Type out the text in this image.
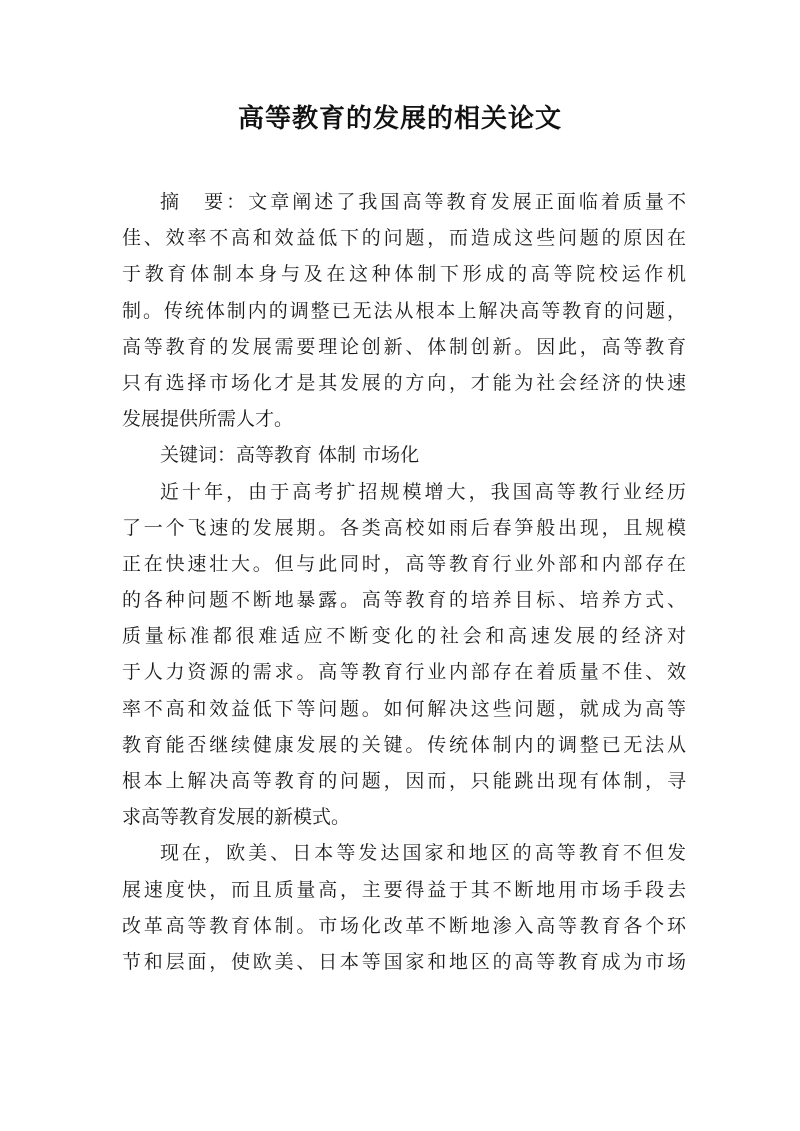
高等教育的发展的相关论文
摘　要：文章阐述了我国高等教育发展正面临着质量不
佳、效率不高和效益低下的问题，而造成这些问题的原因在
于教育体制本身与及在这种体制下形成的高等院校运作机
制。传统体制内的调整已无法从根本上解决高等教育的问题，
高等教育的发展需要理论创新、体制创新。因此，高等教育
只有选择市场化才是其发展的方向，才能为社会经济的快速
发展提供所需人才。
关键词：高等教育 体制 市场化
近十年，由于高考扩招规模增大，我国高等教行业经历
了一个飞速的发展期。各类高校如雨后春笋般出现，且规模
正在快速壮大。但与此同时，高等教育行业外部和内部存在
的各种问题不断地暴露。高等教育的培养目标、培养方式、
质量标准都很难适应不断变化的社会和高速发展的经济对
于人力资源的需求。高等教育行业内部存在着质量不佳、效
率不高和效益低下等问题。如何解决这些问题，就成为高等
教育能否继续健康发展的关键。传统体制内的调整已无法从
根本上解决高等教育的问题，因而，只能跳出现有体制，寻
求高等教育发展的新模式。
现在，欧美、日本等发达国家和地区的高等教育不但发
展速度快，而且质量高，主要得益于其不断地用市场手段去
改革高等教育体制。市场化改革不断地渗入高等教育各个环
节和层面，使欧美、日本等国家和地区的高等教育成为市场
